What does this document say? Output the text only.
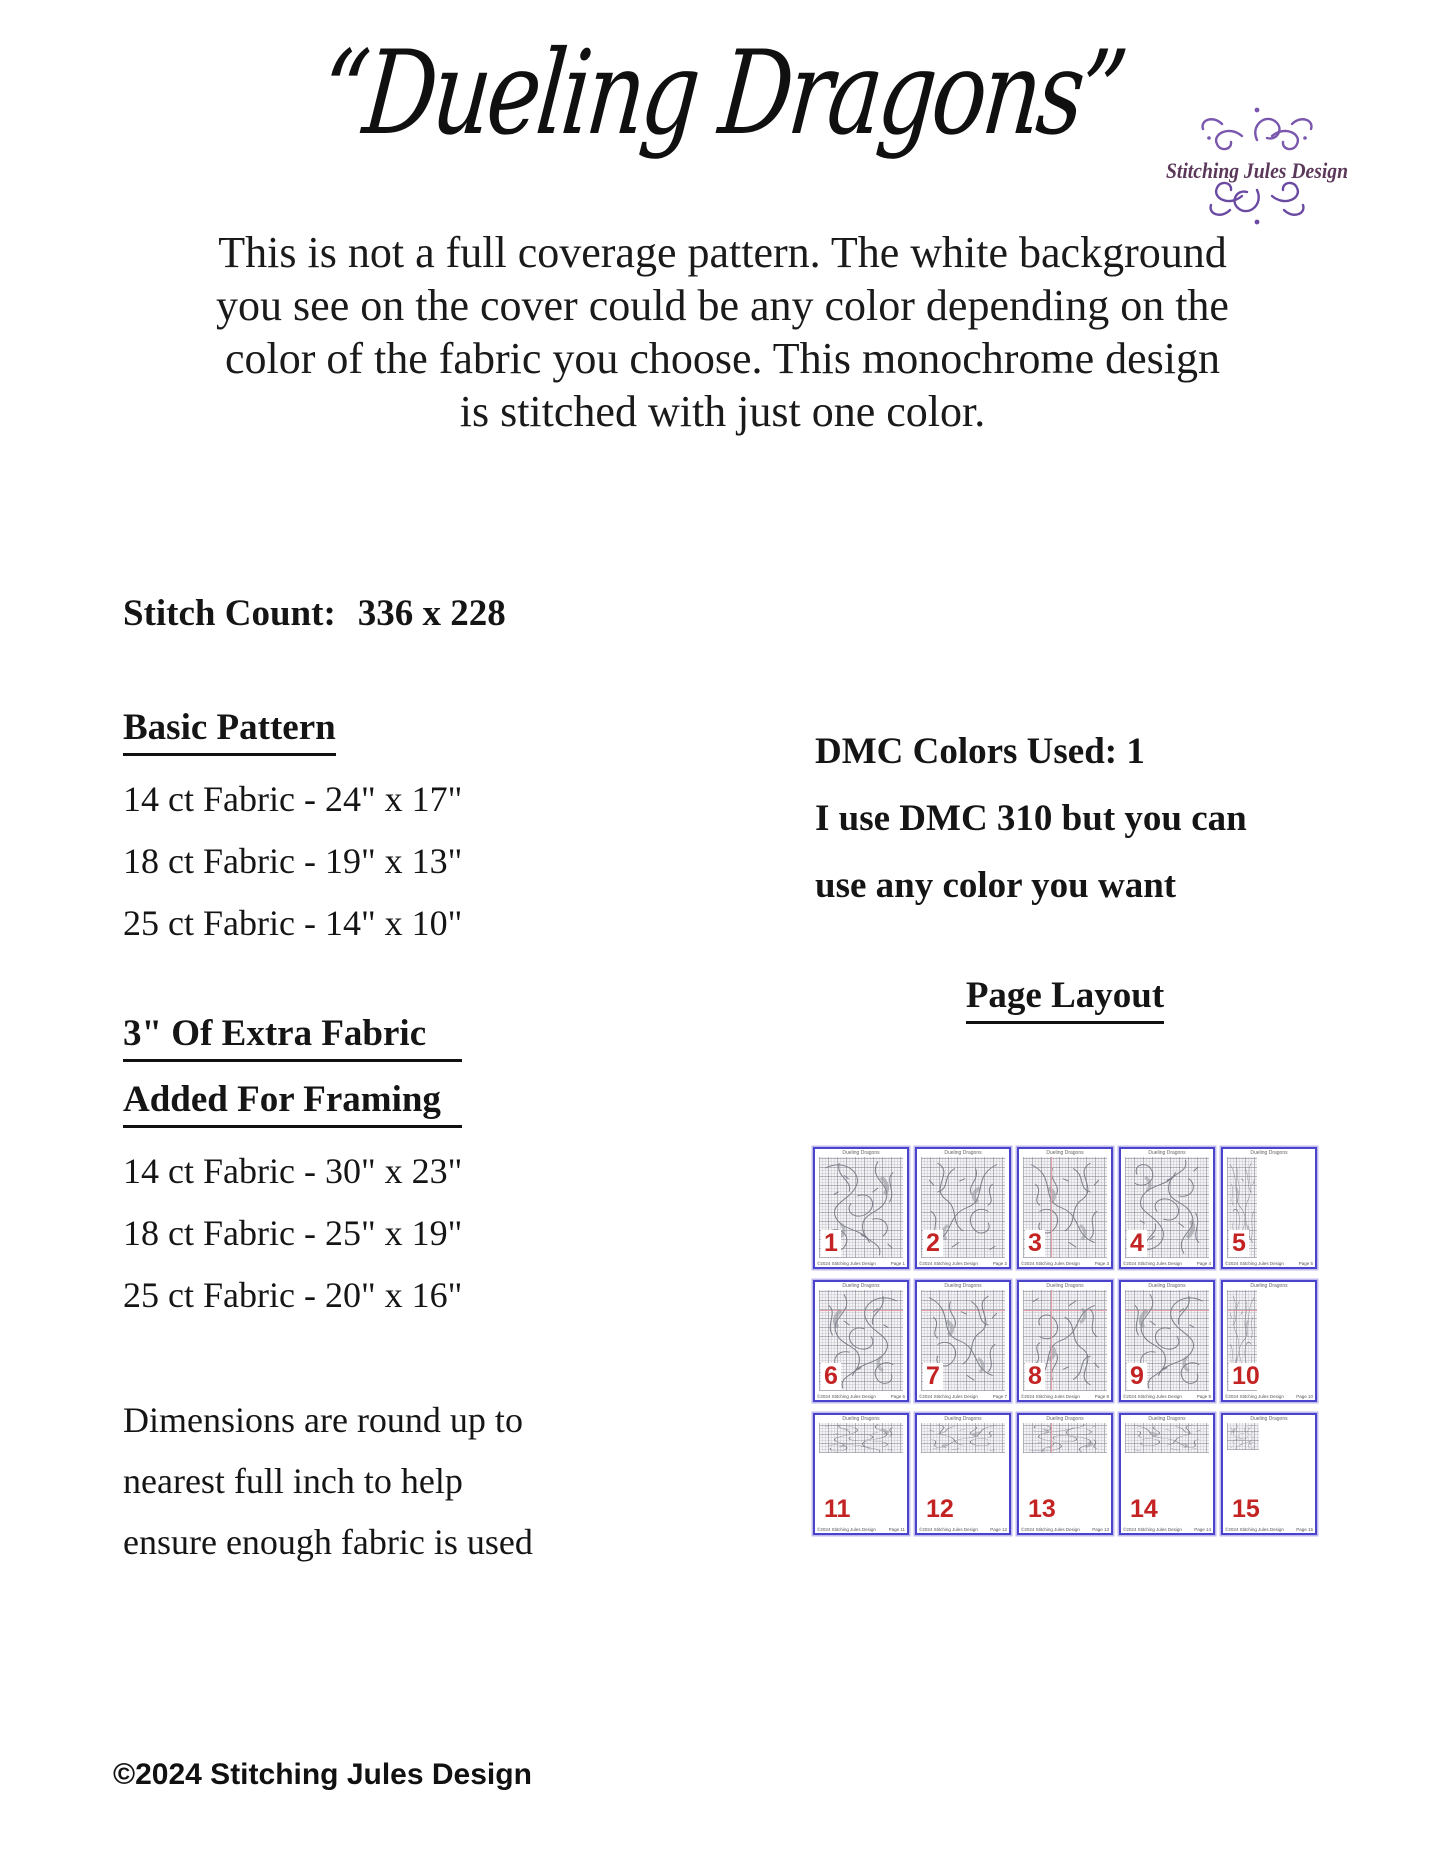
“Dueling Dragons”
Stitching Jules Design
This is not a full coverage pattern. The white background
you see on the cover could be any color depending on the
color of the fabric you choose. This monochrome design
is stitched with just one color.
Stitch Count: 336 x 228
Basic Pattern
14 ct Fabric - 24" x 17"
18 ct Fabric - 19" x 13"
25 ct Fabric - 14" x 10"
DMC Colors Used: 1
I use DMC 310 but you can
use any color you want
Page Layout
3" Of Extra Fabric
Added For Framing
14 ct Fabric - 30" x 23"
18 ct Fabric - 25" x 19"
25 ct Fabric - 20" x 16"
Dimensions are round up to
nearest full inch to help
ensure enough fabric is used
Dueling Dragons
1
©2024 Stitching Jules Design	Page 1
Dueling Dragons
2
©2024 Stitching Jules Design	Page 2
Dueling Dragons
3
©2024 Stitching Jules Design	Page 3
Dueling Dragons
4
©2024 Stitching Jules Design	Page 4
Dueling Dragons
5
©2024 Stitching Jules Design	Page 5
Dueling Dragons
6
©2024 Stitching Jules Design	Page 6
Dueling Dragons
7
©2024 Stitching Jules Design	Page 7
Dueling Dragons
8
©2024 Stitching Jules Design	Page 8
Dueling Dragons
9
©2024 Stitching Jules Design	Page 9
Dueling Dragons
10
©2024 Stitching Jules Design	Page 10
Dueling Dragons
11
©2024 Stitching Jules Design	Page 11
Dueling Dragons
12
©2024 Stitching Jules Design	Page 12
Dueling Dragons
13
©2024 Stitching Jules Design	Page 13
Dueling Dragons
14
©2024 Stitching Jules Design	Page 14
Dueling Dragons
15
©2024 Stitching Jules Design	Page 15
©2024 Stitching Jules Design
